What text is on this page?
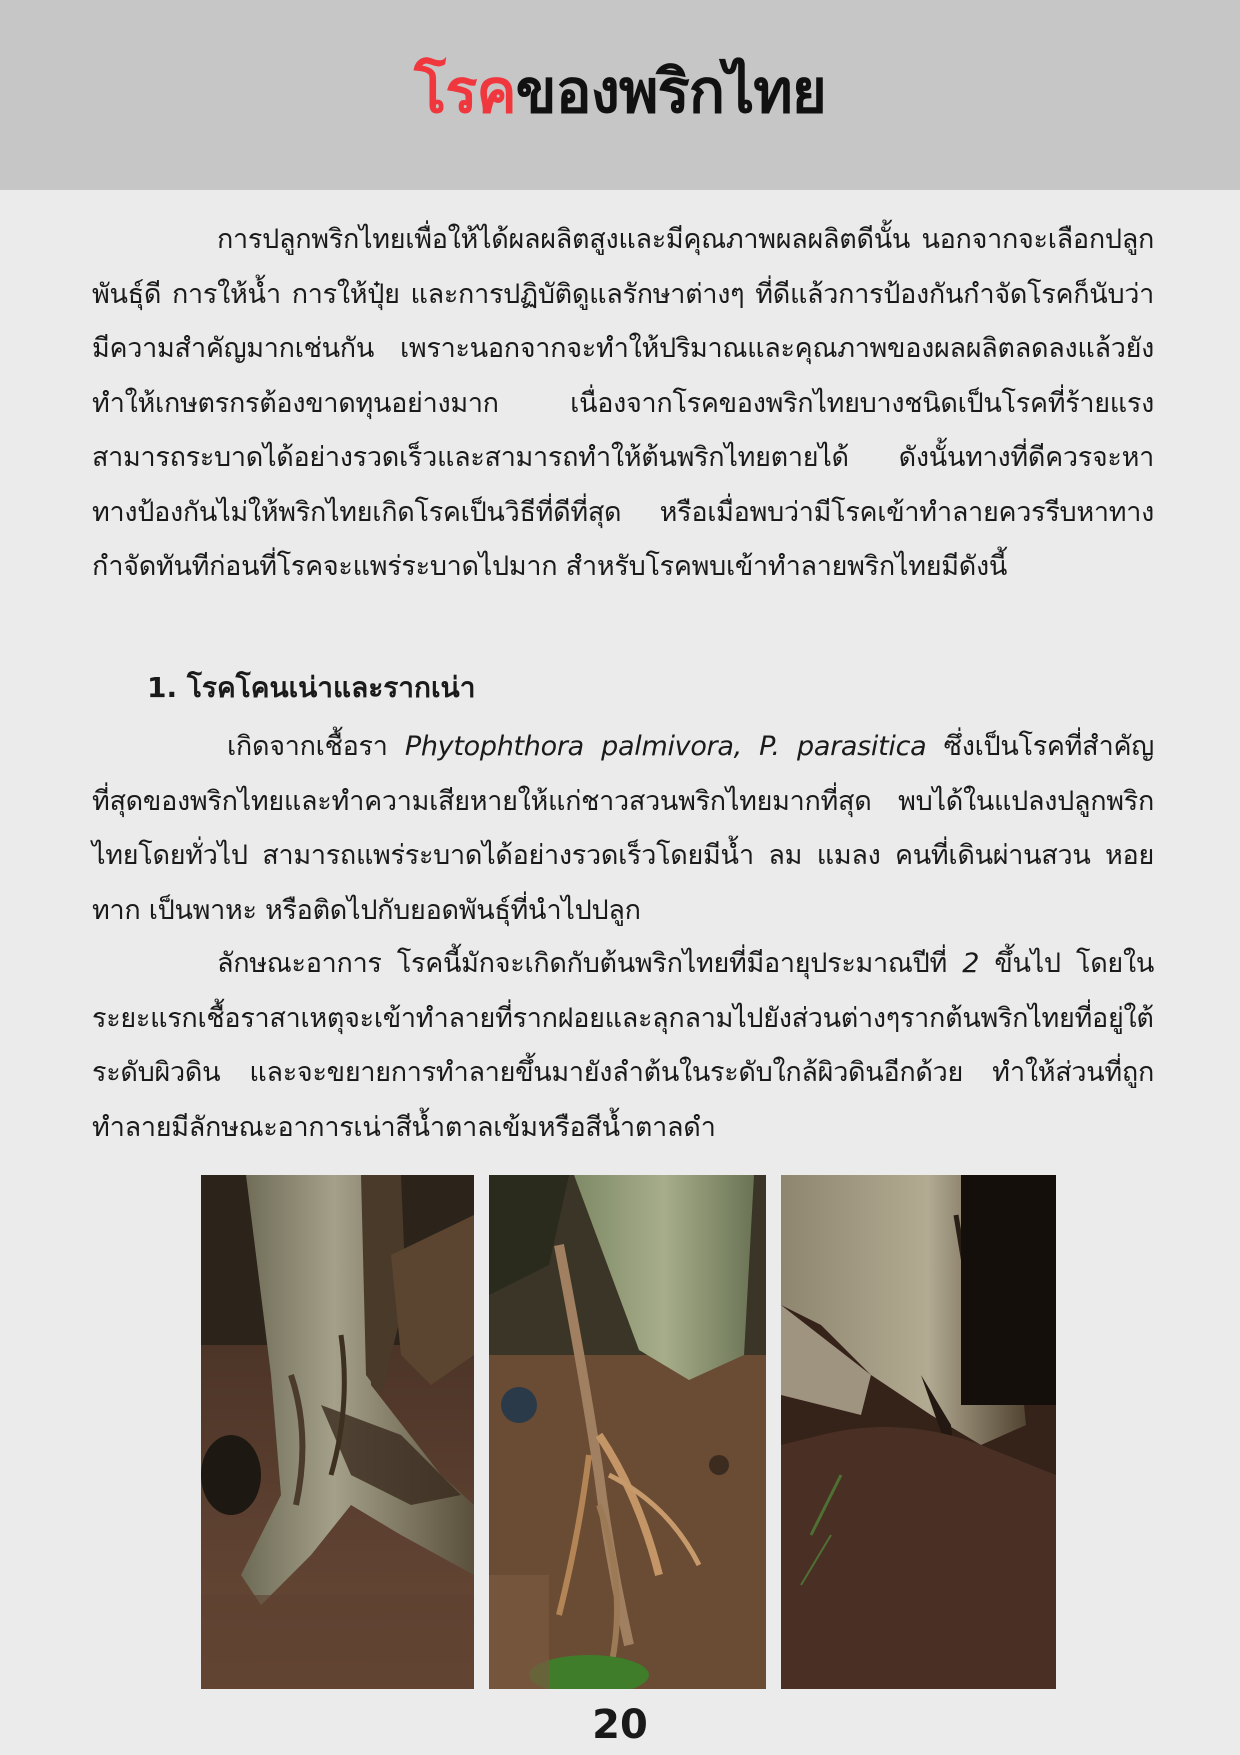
โรคของพริกไทย
การปลูกพริกไทยเพื่อให้ได้ผลผลิตสูงและมีคุณภาพผลผลิตดีนั้น นอกจากจะเลือกปลูกพันธุ์ดี การให้น้ำ การให้ปุ๋ย และการปฏิบัติดูแลรักษาต่างๆ ที่ดีแล้วการป้องกันกำจัดโรคก็นับว่ามีความสำคัญมากเช่นกัน เพราะนอกจากจะทำให้ปริมาณและคุณภาพของผลผลิตลดลงแล้วยังทำให้เกษตรกรต้องขาดทุนอย่างมาก เนื่องจากโรคของพริกไทยบางชนิดเป็นโรคที่ร้ายแรงสามารถระบาดได้อย่างรวดเร็วและสามารถทำให้ต้นพริกไทยตายได้ ดังนั้นทางที่ดีควรจะหาทางป้องกันไม่ให้พริกไทยเกิดโรคเป็นวิธีที่ดีที่สุด หรือเมื่อพบว่ามีโรคเข้าทำลายควรรีบหาทางกำจัดทันทีก่อนที่โรคจะแพร่ระบาดไปมาก สำหรับโรคพบเข้าทำลายพริกไทยมีดังนี้
1. โรคโคนเน่าและรากเน่า
เกิดจากเชื้อรา Phytophthora palmivora, P. parasitica ซึ่งเป็นโรคที่สำคัญที่สุดของพริกไทยและทำความเสียหายให้แก่ชาวสวนพริกไทยมากที่สุด พบได้ในแปลงปลูกพริกไทยโดยทั่วไป สามารถแพร่ระบาดได้อย่างรวดเร็วโดยมีน้ำ ลม แมลง คนที่เดินผ่านสวน หอยทาก เป็นพาหะ หรือติดไปกับยอดพันธุ์ที่นำไปปลูก
ลักษณะอาการ โรคนี้มักจะเกิดกับต้นพริกไทยที่มีอายุประมาณปีที่ 2 ขึ้นไป โดยในระยะแรกเชื้อราสาเหตุจะเข้าทำลายที่รากฝอยและลุกลามไปยังส่วนต่างๆรากต้นพริกไทยที่อยู่ใต้ระดับผิวดิน และจะขยายการทำลายขึ้นมายังลำต้นในระดับใกล้ผิวดินอีกด้วย ทำให้ส่วนที่ถูกทำลายมีลักษณะอาการเน่าสีน้ำตาลเข้มหรือสีน้ำตาลดำ
20
